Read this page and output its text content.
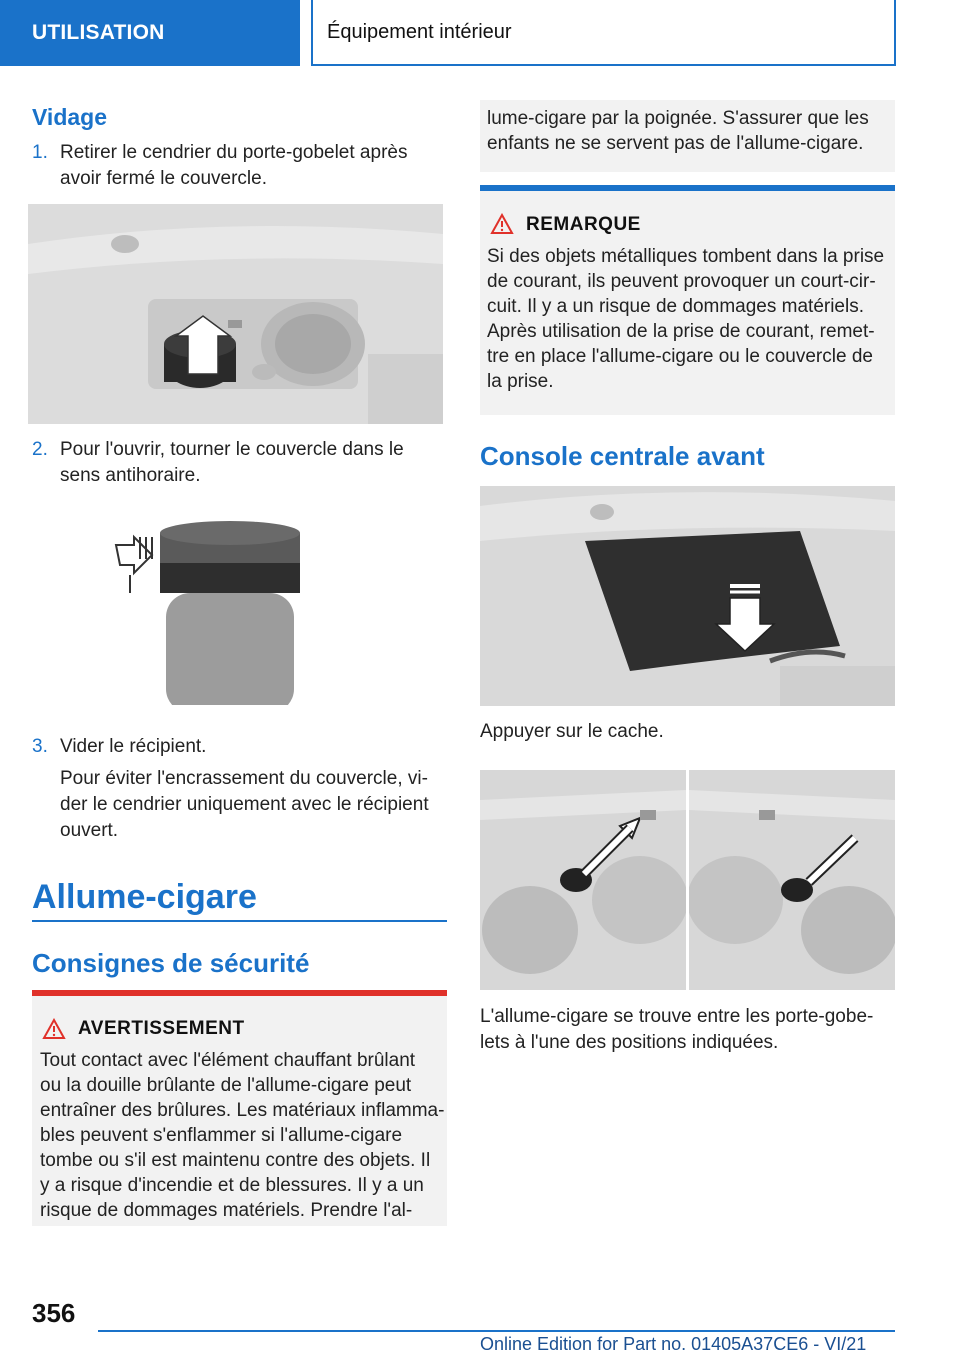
UTILISATION	Équipement intérieur
Vidage
1. Retirer le cendrier du porte-gobelet après
avoir fermé le couvercle.
2. Pour l'ouvrir, tourner le couvercle dans le
sens antihoraire.
3. Vider le récipient.
Pour éviter l'encrassement du couvercle, vi-
der le cendrier uniquement avec le récipient
ouvert.
Allume-cigare
Consignes de sécurité
AVERTISSEMENT
Tout contact avec l'élément chauffant brûlant
ou la douille brûlante de l'allume-cigare peut
entraîner des brûlures. Les matériaux inflamma-
bles peuvent s'enflammer si l'allume-cigare
tombe ou s'il est maintenu contre des objets. Il
y a risque d'incendie et de blessures. Il y a un
risque de dommages matériels. Prendre l'al-
lume-cigare par la poignée. S'assurer que les
enfants ne se servent pas de l'allume-cigare.
REMARQUE
Si des objets métalliques tombent dans la prise
de courant, ils peuvent provoquer un court-cir-
cuit. Il y a un risque de dommages matériels.
Après utilisation de la prise de courant, remet-
tre en place l'allume-cigare ou le couvercle de
la prise.
Console centrale avant
Appuyer sur le cache.
L'allume-cigare se trouve entre les porte-gobe-
lets à l'une des positions indiquées.
356
Online Edition for Part no. 01405A37CE6 - VI/21
